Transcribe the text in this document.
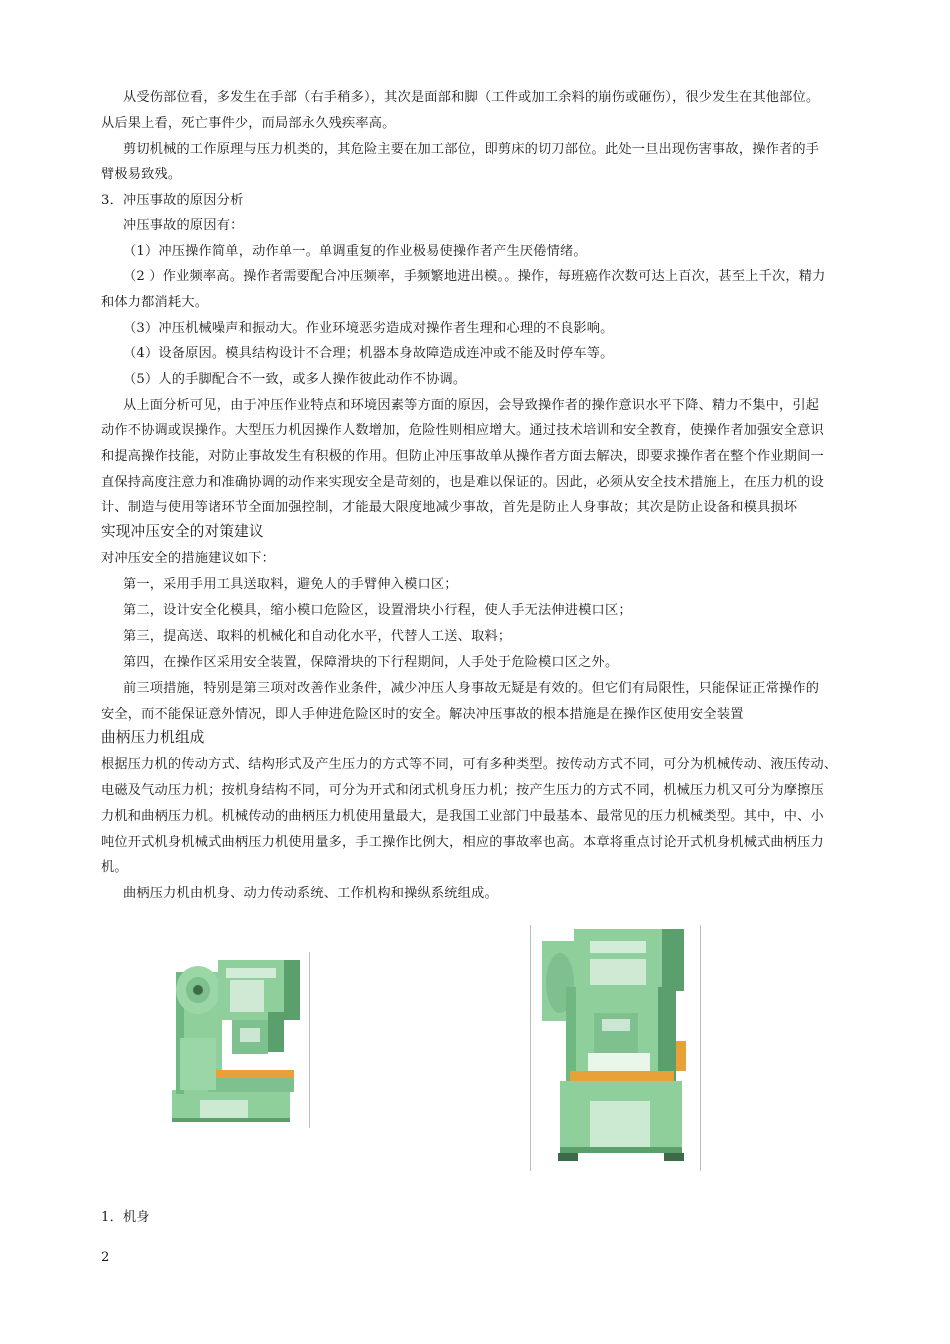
从受伤部位看，多发生在手部（右手稍多），其次是面部和脚（工件或加工余料的崩伤或砸伤），很少发生在其他部位。
从后果上看，死亡事件少，而局部永久残疾率高。
剪切机械的工作原理与压力机类的，其危险主要在加工部位，即剪床的切刀部位。此处一旦出现伤害事故，操作者的手
臂极易致残。
3．冲压事故的原因分析
冲压事故的原因有：
（1）冲压操作简单，动作单一。单调重复的作业极易使操作者产生厌倦情绪。
（2 ）作业频率高。操作者需要配合冲压频率，手频繁地进出模。。操作，每班癌作次数可达上百次，甚至上千次，精力
和体力都消耗大。
（3）冲压机械噪声和振动大。作业环境恶劣造成对操作者生理和心理的不良影响。
（4）设备原因。模具结构设计不合理；机器本身故障造成连冲或不能及时停车等。
（5）人的手脚配合不一致，或多人操作彼此动作不协调。
从上面分析可见，由于冲压作业特点和环境因素等方面的原因，会导致操作者的操作意识水平下降、精力不集中，引起
动作不协调或误操作。大型压力机因操作人数增加，危险性则相应增大。通过技术培训和安全教育，使操作者加强安全意识
和提高操作技能，对防止事故发生有积极的作用。但防止冲压事故单从操作者方面去解决，即要求操作者在整个作业期间一
直保持高度注意力和准确协调的动作来实现安全是苛刻的，也是难以保证的。因此，必须从安全技术措施上，在压力机的设
计、制造与使用等诸环节全面加强控制，才能最大限度地减少事故，首先是防止人身事故；其次是防止设备和模具损坏
实现冲压安全的对策建议
对冲压安全的措施建议如下：
第一，采用手用工具送取料，避免人的手臂伸入模口区；
第二，设计安全化模具，缩小模口危险区，设置滑块小行程，使人手无法伸进模口区；
第三，提高送、取料的机械化和自动化水平，代替人工送、取料；
第四，在操作区采用安全装置，保障滑块的下行程期间，人手处于危险模口区之外。
前三项措施，特别是第三项对改善作业条件，减少冲压人身事故无疑是有效的。但它们有局限性，只能保证正常操作的
安全，而不能保证意外情况，即人手伸进危险区时的安全。解决冲压事故的根本措施是在操作区使用安全装置
曲柄压力机组成
根据压力机的传动方式、结构形式及产生压力的方式等不同，可有多种类型。按传动方式不同，可分为机械传动、液压传动、
电磁及气动压力机；按机身结构不同，可分为开式和闭式机身压力机；按产生压力的方式不同，机械压力机又可分为摩擦压
力机和曲柄压力机。机械传动的曲柄压力机使用量最大，是我国工业部门中最基本、最常见的压力机械类型。其中，中、小
吨位开式机身机械式曲柄压力机使用量多，手工操作比例大，相应的事故率也高。本章将重点讨论开式机身机械式曲柄压力
机。
曲柄压力机由机身、动力传动系统、工作机构和操纵系统组成。
1．机身
2
